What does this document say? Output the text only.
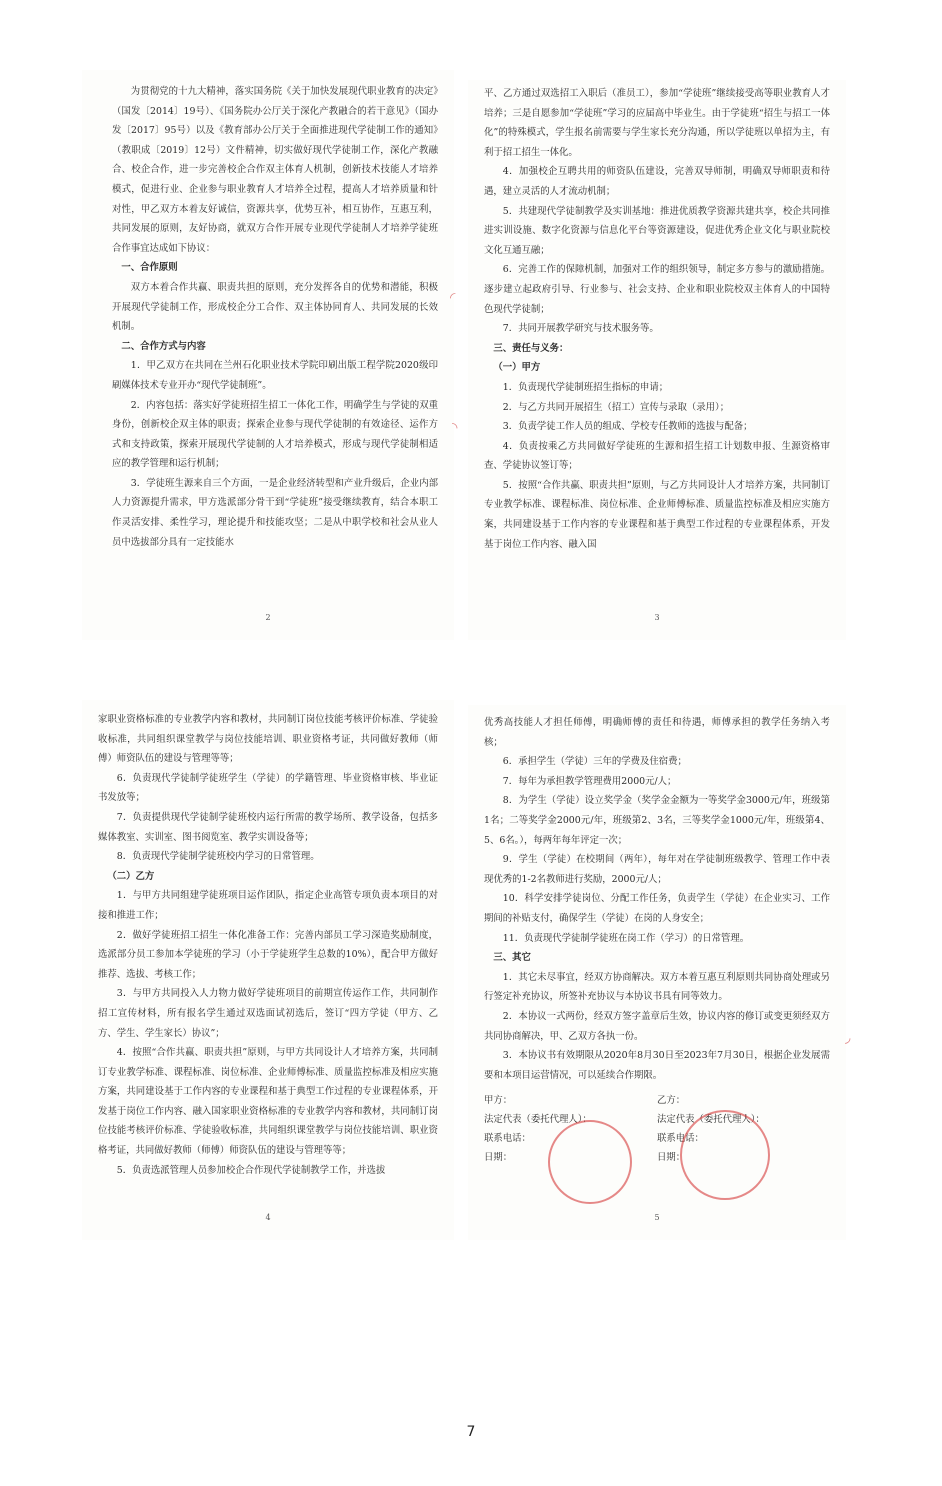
为贯彻党的十九大精神，落实国务院《关于加快发展现代职业教育的决定》（国发〔2014〕19号）、《国务院办公厅关于深化产教融合的若干意见》（国办发〔2017〕95号）以及《教育部办公厅关于全面推进现代学徒制工作的通知》（教职成〔2019〕12号）文件精神，切实做好现代学徒制工作，深化产教融合、校企合作，进一步完善校企合作双主体育人机制，创新技术技能人才培养模式，促进行业、企业参与职业教育人才培养全过程，提高人才培养质量和针对性，甲乙双方本着友好诚信，资源共享，优势互补，相互协作，互惠互利，共同发展的原则，友好协商，就双方合作开展专业现代学徒制人才培养学徒班合作事宜达成如下协议：

一、合作原则

双方本着合作共赢、职责共担的原则，充分发挥各自的优势和潜能，积极开展现代学徒制工作，形成校企分工合作、双主体协同育人、共同发展的长效机制。

二、合作方式与内容

1．甲乙双方在共同在兰州石化职业技术学院印刷出版工程学院2020级印刷媒体技术专业开办“现代学徒制班”。

2．内容包括：落实好学徒班招生招工一体化工作，明确学生与学徒的双重身份，创新校企双主体的职责；探索企业参与现代学徒制的有效途径、运作方式和支持政策，探索开展现代学徒制的人才培养模式，形成与现代学徒制相适应的教学管理和运行机制；

3．学徒班生源来自三个方面，一是企业经济转型和产业升级后，企业内部人力资源提升需求，甲方选派部分骨干到“学徒班”接受继续教育，结合本职工作灵活安排、柔性学习，理论提升和技能攻坚；二是从中职学校和社会从业人员中选拔部分具有一定技能水

2

平、乙方通过双选招工入职后（准员工），参加“学徒班”继续接受高等职业教育人才培养；三是自愿参加“学徒班”学习的应届高中毕业生。由于学徒班“招生与招工一体化”的特殊模式，学生报名前需要与学生家长充分沟通，所以学徒班以单招为主，有利于招工招生一体化。

4．加强校企互聘共用的师资队伍建设，完善双导师制，明确双导师职责和待遇，建立灵活的人才流动机制；

5．共建现代学徒制教学及实训基地：推进优质教学资源共建共享，校企共同推进实训设施、数字化资源与信息化平台等资源建设，促进优秀企业文化与职业院校文化互通互融；

6．完善工作的保障机制，加强对工作的组织领导，制定多方参与的激励措施。逐步建立起政府引导、行业参与、社会支持、企业和职业院校双主体育人的中国特色现代学徒制；

7．共同开展教学研究与技术服务等。

三、责任与义务：

（一）甲方

1．负责现代学徒制班招生指标的申请；

2．与乙方共同开展招生（招工）宣传与录取（录用）；

3．负责学徒工作人员的组成、学校专任教师的选拔与配备；

4．负责按乘乙方共同做好学徒班的生源和招生招工计划数申报、生源资格审查、学徒协议签订等；

5．按照“合作共赢、职责共担”原则，与乙方共同设计人才培养方案，共同制订专业教学标准、课程标准、岗位标准、企业师傅标准、质量监控标准及相应实施方案，共同建设基于工作内容的专业课程和基于典型工作过程的专业课程体系，开发基于岗位工作内容、融入国

3

家职业资格标准的专业教学内容和教材，共同制订岗位技能考核评价标准、学徒验收标准，共同组织课堂教学与岗位技能培训、职业资格考证，共同做好教师（师傅）师资队伍的建设与管理等等；

6．负责现代学徒制学徒班学生（学徒）的学籍管理、毕业资格审核、毕业证书发放等；

7．负责提供现代学徒制学徒班校内运行所需的教学场所、教学设备，包括多媒体教室、实训室、图书阅览室、教学实训设备等；

8．负责现代学徒制学徒班校内学习的日常管理。

（二）乙方

1．与甲方共同组建学徒班项目运作团队，指定企业高管专项负责本项目的对接和推进工作；

2．做好学徒班招工招生一体化准备工作：完善内部员工学习深造奖励制度，选派部分员工参加本学徒班的学习（小于学徒班学生总数的10%），配合甲方做好推荐、选拔、考核工作；

3．与甲方共同投入人力物力做好学徒班项目的前期宣传运作工作，共同制作招工宣传材料，所有报名学生通过双选面试初选后，签订“四方学徒（甲方、乙方、学生、学生家长）协议”；

4．按照“合作共赢、职责共担”原则，与甲方共同设计人才培养方案，共同制订专业教学标准、课程标准、岗位标准、企业师傅标准、质量监控标准及相应实施方案，共同建设基于工作内容的专业课程和基于典型工作过程的专业课程体系，开发基于岗位工作内容、融入国家职业资格标准的专业教学内容和教材，共同制订岗位技能考核评价标准、学徒验收标准，共同组织课堂教学与岗位技能培训、职业资格考证，共同做好教师（师傅）师资队伍的建设与管理等等；

5．负责选派管理人员参加校企合作现代学徒制教学工作，并选拔

4

优秀高技能人才担任师傅，明确师傅的责任和待遇，师傅承担的教学任务纳入考核；

6．承担学生（学徒）三年的学费及住宿费；

7．每年为承担教学管理费用2000元/人；

8．为学生（学徒）设立奖学金（奖学金金额为一等奖学金3000元/年，班级第1名；二等奖学金2000元/年，班级第2、3名，三等奖学金1000元/年，班级第4、5、6名。），每两年每年评定一次；

9．学生（学徒）在校期间（两年），每年对在学徒制班级教学、管理工作中表现优秀的1-2名教师进行奖励，2000元/人；

10．科学安排学徒岗位、分配工作任务，负责学生（学徒）在企业实习、工作期间的补贴支付，确保学生（学徒）在岗的人身安全；

11．负责现代学徒制学徒班在岗工作（学习）的日常管理。

三、其它

1．其它未尽事宜，经双方协商解决。双方本着互惠互利原则共同协商处理或另行签定补充协议，所签补充协议与本协议书具有同等效力。

2．本协议一式两份，经双方签字盖章后生效，协议内容的修订或变更须经双方共同协商解决，甲、乙双方各执一份。

3．本协议书有效期限从2020年8月30日至2023年7月30日，根据企业发展需要和本项目运营情况，可以延续合作期限。

甲方：	乙方：
法定代表（委托代理人）：	法定代表（委托代理人）：
联系电话：	联系电话：
日期：	日期：
5
◜
◝
◞
7
